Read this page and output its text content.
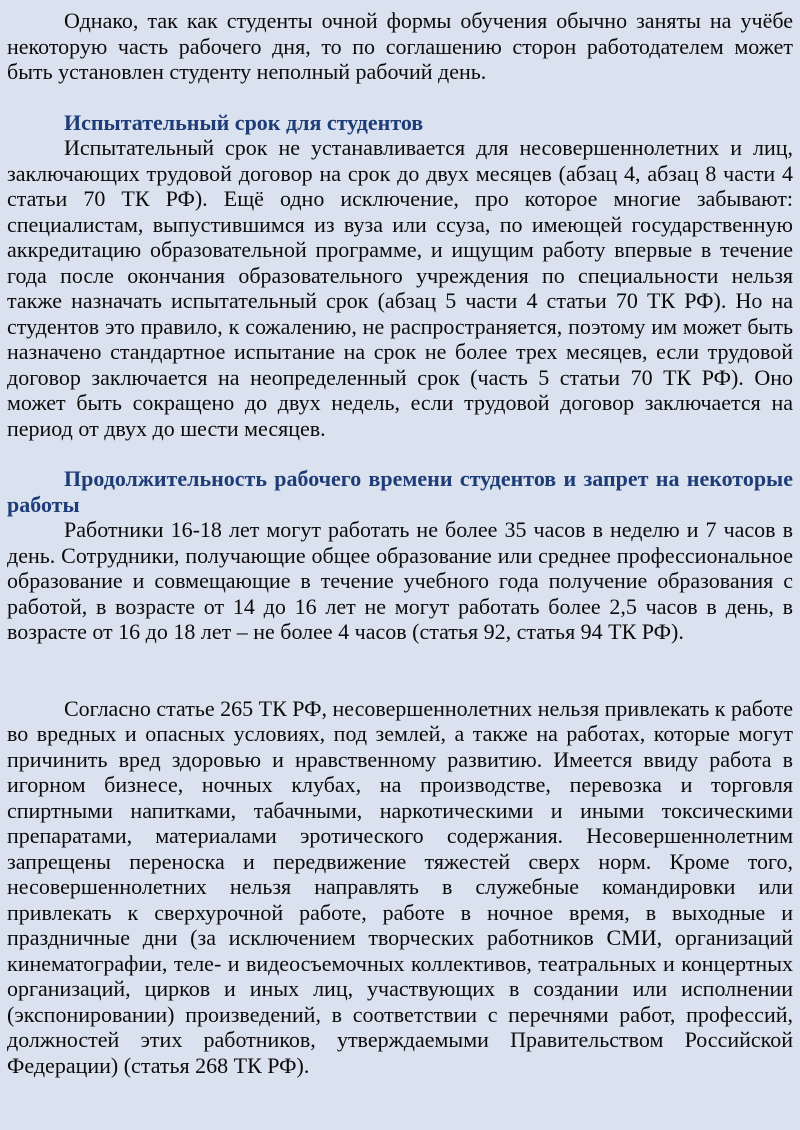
Однако, так как студенты очной формы обучения обычно заняты на учёбе некоторую часть рабочего дня, то по соглашению сторон работодателем может быть установлен студенту неполный рабочий день.

Испытательный срок для студентов

Испытательный срок не устанавливается для несовершеннолетних и лиц, заключающих трудовой договор на срок до двух месяцев (абзац 4, абзац 8 части 4 статьи 70 ТК РФ). Ещё одно исключение, про которое многие забывают: специалистам, выпустившимся из вуза или ссуза, по имеющей государственную аккредитацию образовательной программе, и ищущим работу впервые в течение года после окончания образовательного учреждения по специальности нельзя также назначать испытательный срок (абзац 5 части 4 статьи 70 ТК РФ). Но на студентов это правило, к сожалению, не распространяется, поэтому им может быть назначено стандартное испытание на срок не более трех месяцев, если трудовой договор заключается на неопределенный срок (часть 5 статьи 70 ТК РФ). Оно может быть сокращено до двух недель, если трудовой договор заключается на период от двух до шести месяцев.

Продолжительность рабочего времени студентов и запрет на некоторые работы

Работники 16-18 лет могут работать не более 35 часов в неделю и 7 часов в день. Сотрудники, получающие общее образование или среднее профессиональное образование и совмещающие в течение учебного года получение образования с работой, в возрасте от 14 до 16 лет не могут работать более 2,5 часов в день, в возрасте от 16 до 18 лет – не более 4 часов (статья 92, статья 94 ТК РФ).

Согласно статье 265 ТК РФ, несовершеннолетних нельзя привлекать к работе во вредных и опасных условиях, под землей, а также на работах, которые могут причинить вред здоровью и нравственному развитию. Имеется ввиду работа в игорном бизнесе, ночных клубах, на производстве, перевозка и торговля спиртными напитками, табачными, наркотическими и иными токсическими препаратами, материалами эротического содержания. Несовершеннолетним запрещены переноска и передвижение тяжестей сверх норм. Кроме того, несовершеннолетних нельзя направлять в служебные командировки или привлекать к сверхурочной работе, работе в ночное время, в выходные и праздничные дни (за исключением творческих работников СМИ, организаций кинематографии, теле- и видеосъемочных коллективов, театральных и концертных организаций, цирков и иных лиц, участвующих в создании или исполнении (экспонировании) произведений, в соответствии с перечнями работ, профессий, должностей этих работников, утверждаемыми Правительством Российской Федерации) (статья 268 ТК РФ).
